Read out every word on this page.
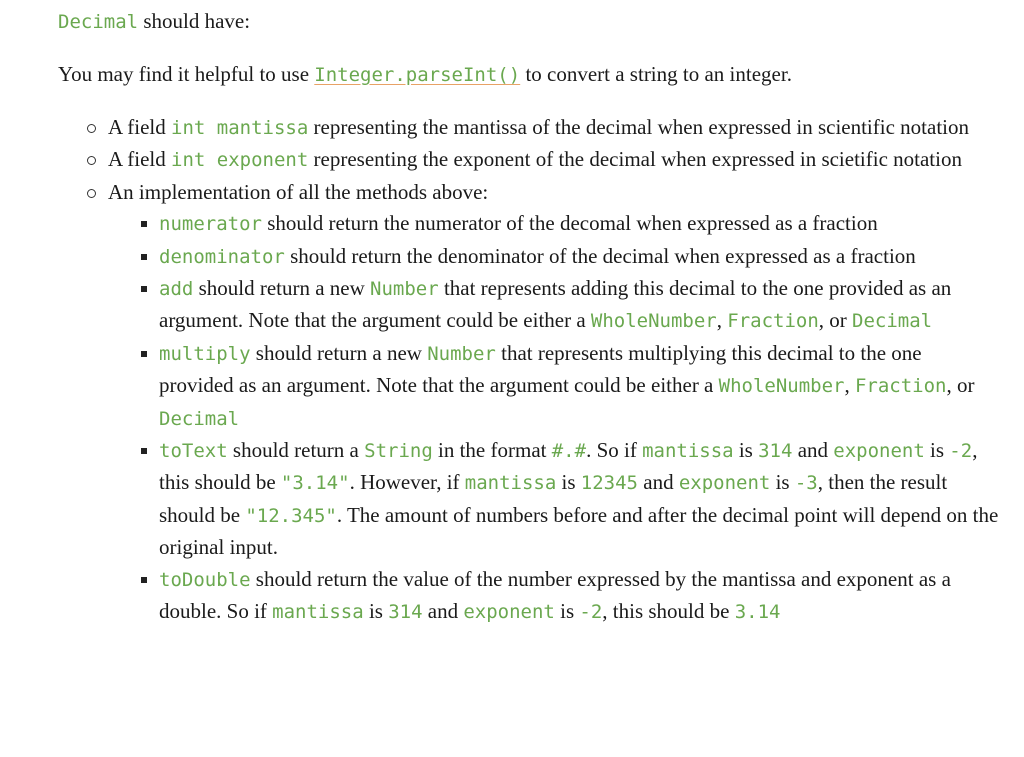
Decimal should have:

You may find it helpful to use Integer.parseInt() to convert a string to an integer.

A field int mantissa representing the mantissa of the decimal when expressed in scientific notation
A field int exponent representing the exponent of the decimal when expressed in scietific notation
An implementation of all the methods above:
numerator should return the numerator of the decomal when expressed as a fraction
denominator should return the denominator of the decimal when expressed as a fraction
add should return a new Number that represents adding this decimal to the one provided as an argument. Note that the argument could be either a WholeNumber, Fraction, or Decimal
multiply should return a new Number that represents multiplying this decimal to the one provided as an argument. Note that the argument could be either a WholeNumber, Fraction, or Decimal
toText should return a String in the format #.#. So if mantissa is 314 and exponent is -2, this should be "3.14". However, if mantissa is 12345 and exponent is -3, then the result should be "12.345". The amount of numbers before and after the decimal point will depend on the original input.
toDouble should return the value of the number expressed by the mantissa and exponent as a double. So if mantissa is 314 and exponent is -2, this should be 3.14
